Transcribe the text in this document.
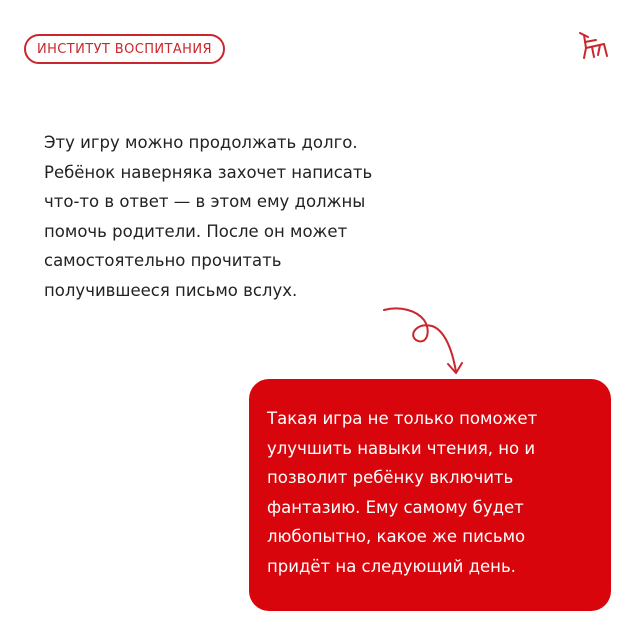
ИНСТИТУТ ВОСПИТАНИЯ
Эту игру можно продолжать долго.
Ребёнок наверняка захочет написать
что-то в ответ — в этом ему должны
помочь родители. После он может
самостоятельно прочитать
получившееся письмо вслух.
Такая игра не только поможет
улучшить навыки чтения, но и
позволит ребёнку включить
фантазию. Ему самому будет
любопытно, какое же письмо
придёт на следующий день.
